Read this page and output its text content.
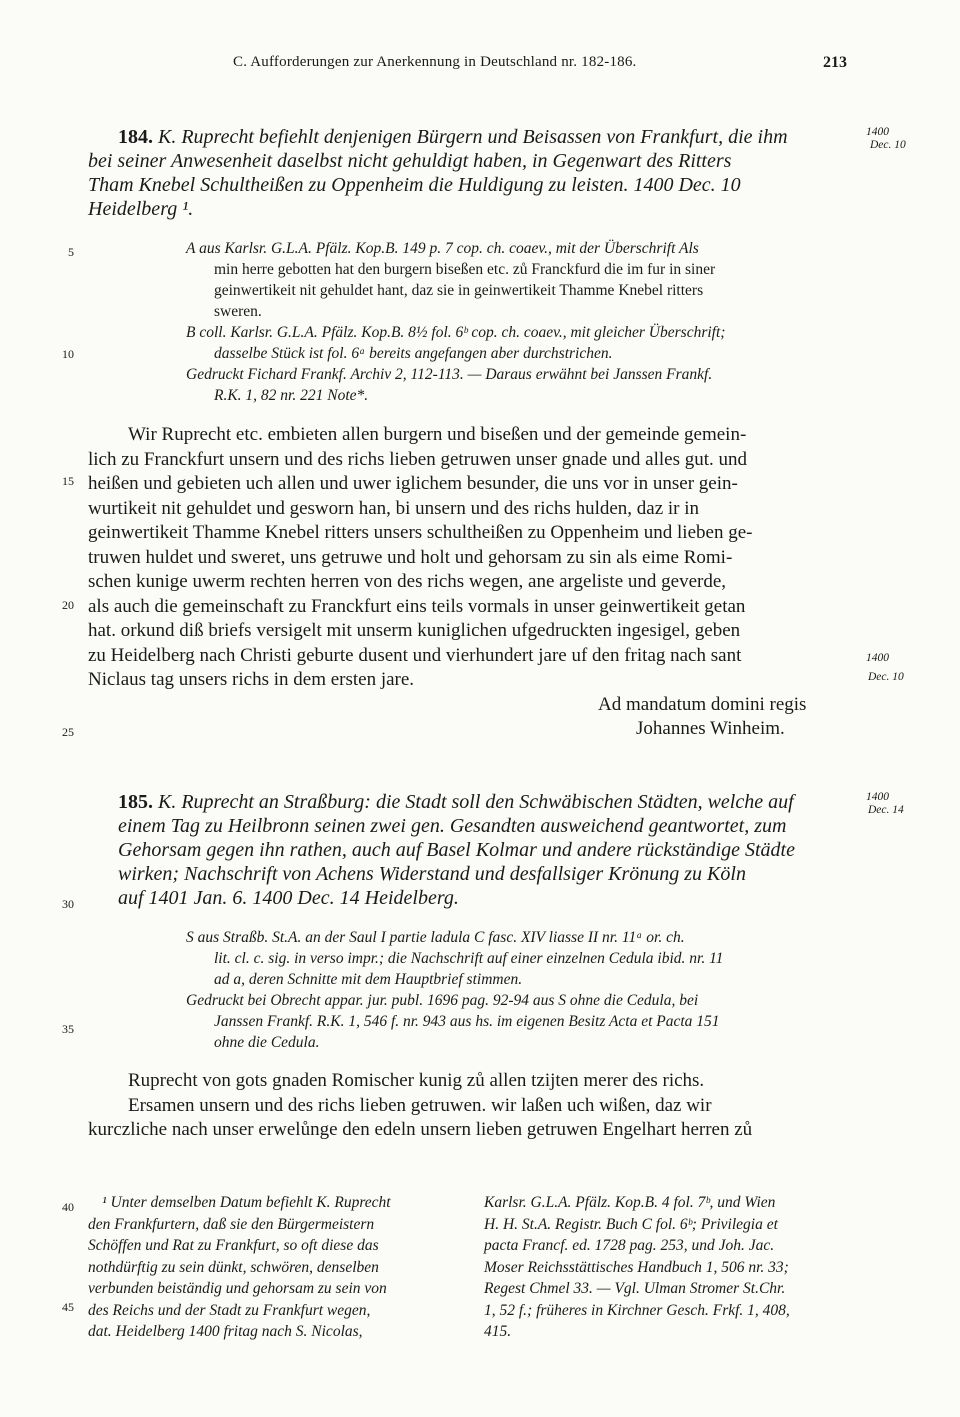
C. Aufforderungen zur Anerkennung in Deutschland nr. 182-186.	213
5
10
15
20
25
30
35
40
45
1400
Dec. 10
184. K. Ruprecht befiehlt denjenigen Bürgern und Beisassen von Frankfurt, die ihm
bei seiner Anwesenheit daselbst nicht gehuldigt haben, in Gegenwart des Ritters
Tham Knebel Schultheißen zu Oppenheim die Huldigung zu leisten. 1400 Dec. 10
Heidelberg ¹.
A aus Karlsr. G.L.A. Pfälz. Kop.B. 149 p. 7 cop. ch. coaev., mit der Überschrift Als
min herre gebotten hat den burgern biseßen etc. zů Franckfurd die im fur in siner
geinwertikeit nit gehuldet hant, daz sie in geinwertikeit Thamme Knebel ritters
sweren.
B coll. Karlsr. G.L.A. Pfälz. Kop.B. 8½ fol. 6ᵇ cop. ch. coaev., mit gleicher Überschrift;
dasselbe Stück ist fol. 6ᵃ bereits angefangen aber durchstrichen.
Gedruckt Fichard Frankf. Archiv 2, 112-113. — Daraus erwähnt bei Janssen Frankf.
R.K. 1, 82 nr. 221 Note*.
Wir Ruprecht etc. embieten allen burgern und biseßen und der gemeinde gemein-
lich zu Franckfurt unsern und des richs lieben getruwen unser gnade und alles gut. und
heißen und gebieten uch allen und uwer iglichem besunder, die uns vor in unser gein-
wurtikeit nit gehuldet und gesworn han, bi unsern und des richs hulden, daz ir in
geinwertikeit Thamme Knebel ritters unsers schultheißen zu Oppenheim und lieben ge-
truwen huldet und sweret, uns getruwe und holt und gehorsam zu sin als eime Romi-
schen kunige uwerm rechten herren von des richs wegen, ane argeliste und geverde,
als auch die gemeinschaft zu Franckfurt eins teils vormals in unser geinwertikeit getan
hat. orkund diß briefs versigelt mit unserm kuniglichen ufgedruckten ingesigel, geben
zu Heidelberg nach Christi geburte dusent und vierhundert jare uf den fritag nach sant
Niclaus tag unsers richs in dem ersten jare.
1400
Dec. 10
Ad mandatum domini regis
Johannes Winheim.
1400
Dec. 14
185. K. Ruprecht an Straßburg: die Stadt soll den Schwäbischen Städten, welche auf
einem Tag zu Heilbronn seinen zwei gen. Gesandten ausweichend geantwortet, zum
Gehorsam gegen ihn rathen, auch auf Basel Kolmar und andere rückständige Städte
wirken; Nachschrift von Achens Widerstand und desfallsiger Krönung zu Köln
auf 1401 Jan. 6. 1400 Dec. 14 Heidelberg.
S aus Straßb. St.A. an der Saul I partie ladula C fasc. XIV liasse II nr. 11ᵃ or. ch.
lit. cl. c. sig. in verso impr.; die Nachschrift auf einer einzelnen Cedula ibid. nr. 11
ad a, deren Schnitte mit dem Hauptbrief stimmen.
Gedruckt bei Obrecht appar. jur. publ. 1696 pag. 92-94 aus S ohne die Cedula, bei
Janssen Frankf. R.K. 1, 546 f. nr. 943 aus hs. im eigenen Besitz Acta et Pacta 151
ohne die Cedula.
Ruprecht von gots gnaden Romischer kunig zů allen tzijten merer des richs.
Ersamen unsern und des richs lieben getruwen. wir laßen uch wißen, daz wir
kurczliche nach unser erwelůnge den edeln unsern lieben getruwen Engelhart herren zů
¹ Unter demselben Datum befiehlt K. Ruprecht
den Frankfurtern, daß sie den Bürgermeistern
Schöffen und Rat zu Frankfurt, so oft diese das
nothdürftig zu sein dünkt, schwören, denselben
verbunden beiständig und gehorsam zu sein von
des Reichs und der Stadt zu Frankfurt wegen,
dat. Heidelberg 1400 fritag nach S. Nicolas,
Karlsr. G.L.A. Pfälz. Kop.B. 4 fol. 7ᵇ, und Wien
H. H. St.A. Registr. Buch C fol. 6ᵇ; Privilegia et
pacta Francf. ed. 1728 pag. 253, und Joh. Jac.
Moser Reichsstättisches Handbuch 1, 506 nr. 33;
Regest Chmel 33. — Vgl. Ulman Stromer St.Chr.
1, 52 f.; früheres in Kirchner Gesch. Frkf. 1, 408,
415.
